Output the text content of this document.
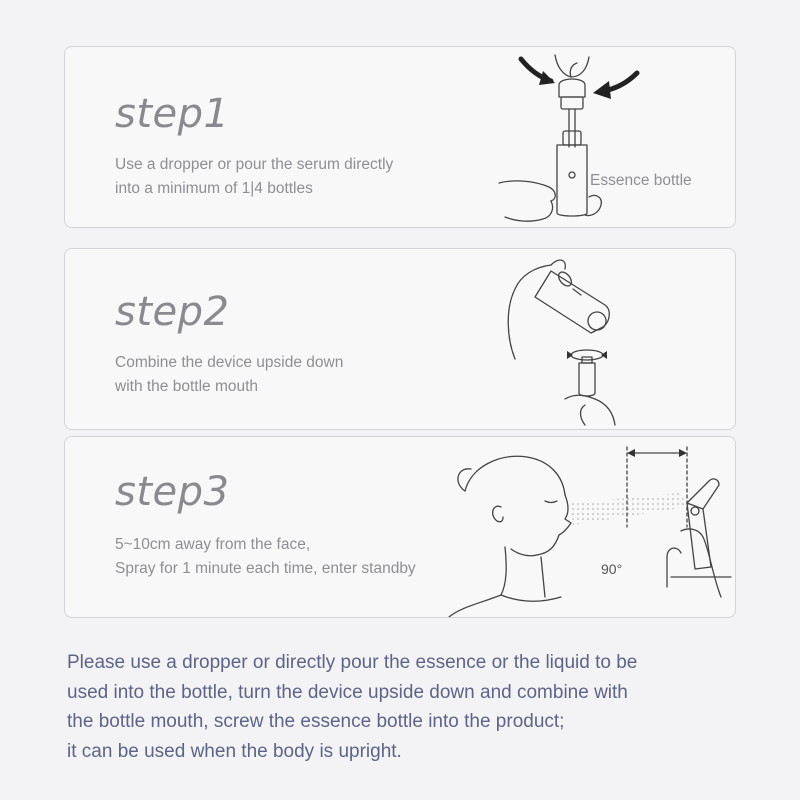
step1
Use a dropper or pour the serum directly
into a minimum of 1|4 bottles	Essence bottle
step2
Combine the device upside down
with the bottle mouth
step3
5~10cm away from the face,
Spray for 1 minute each time, enter standby	90°
Please use a dropper or directly pour the essence or the liquid to be
used into the bottle, turn the device upside down and combine with
the bottle mouth, screw the essence bottle into the product;
it can be used when the body is upright.
